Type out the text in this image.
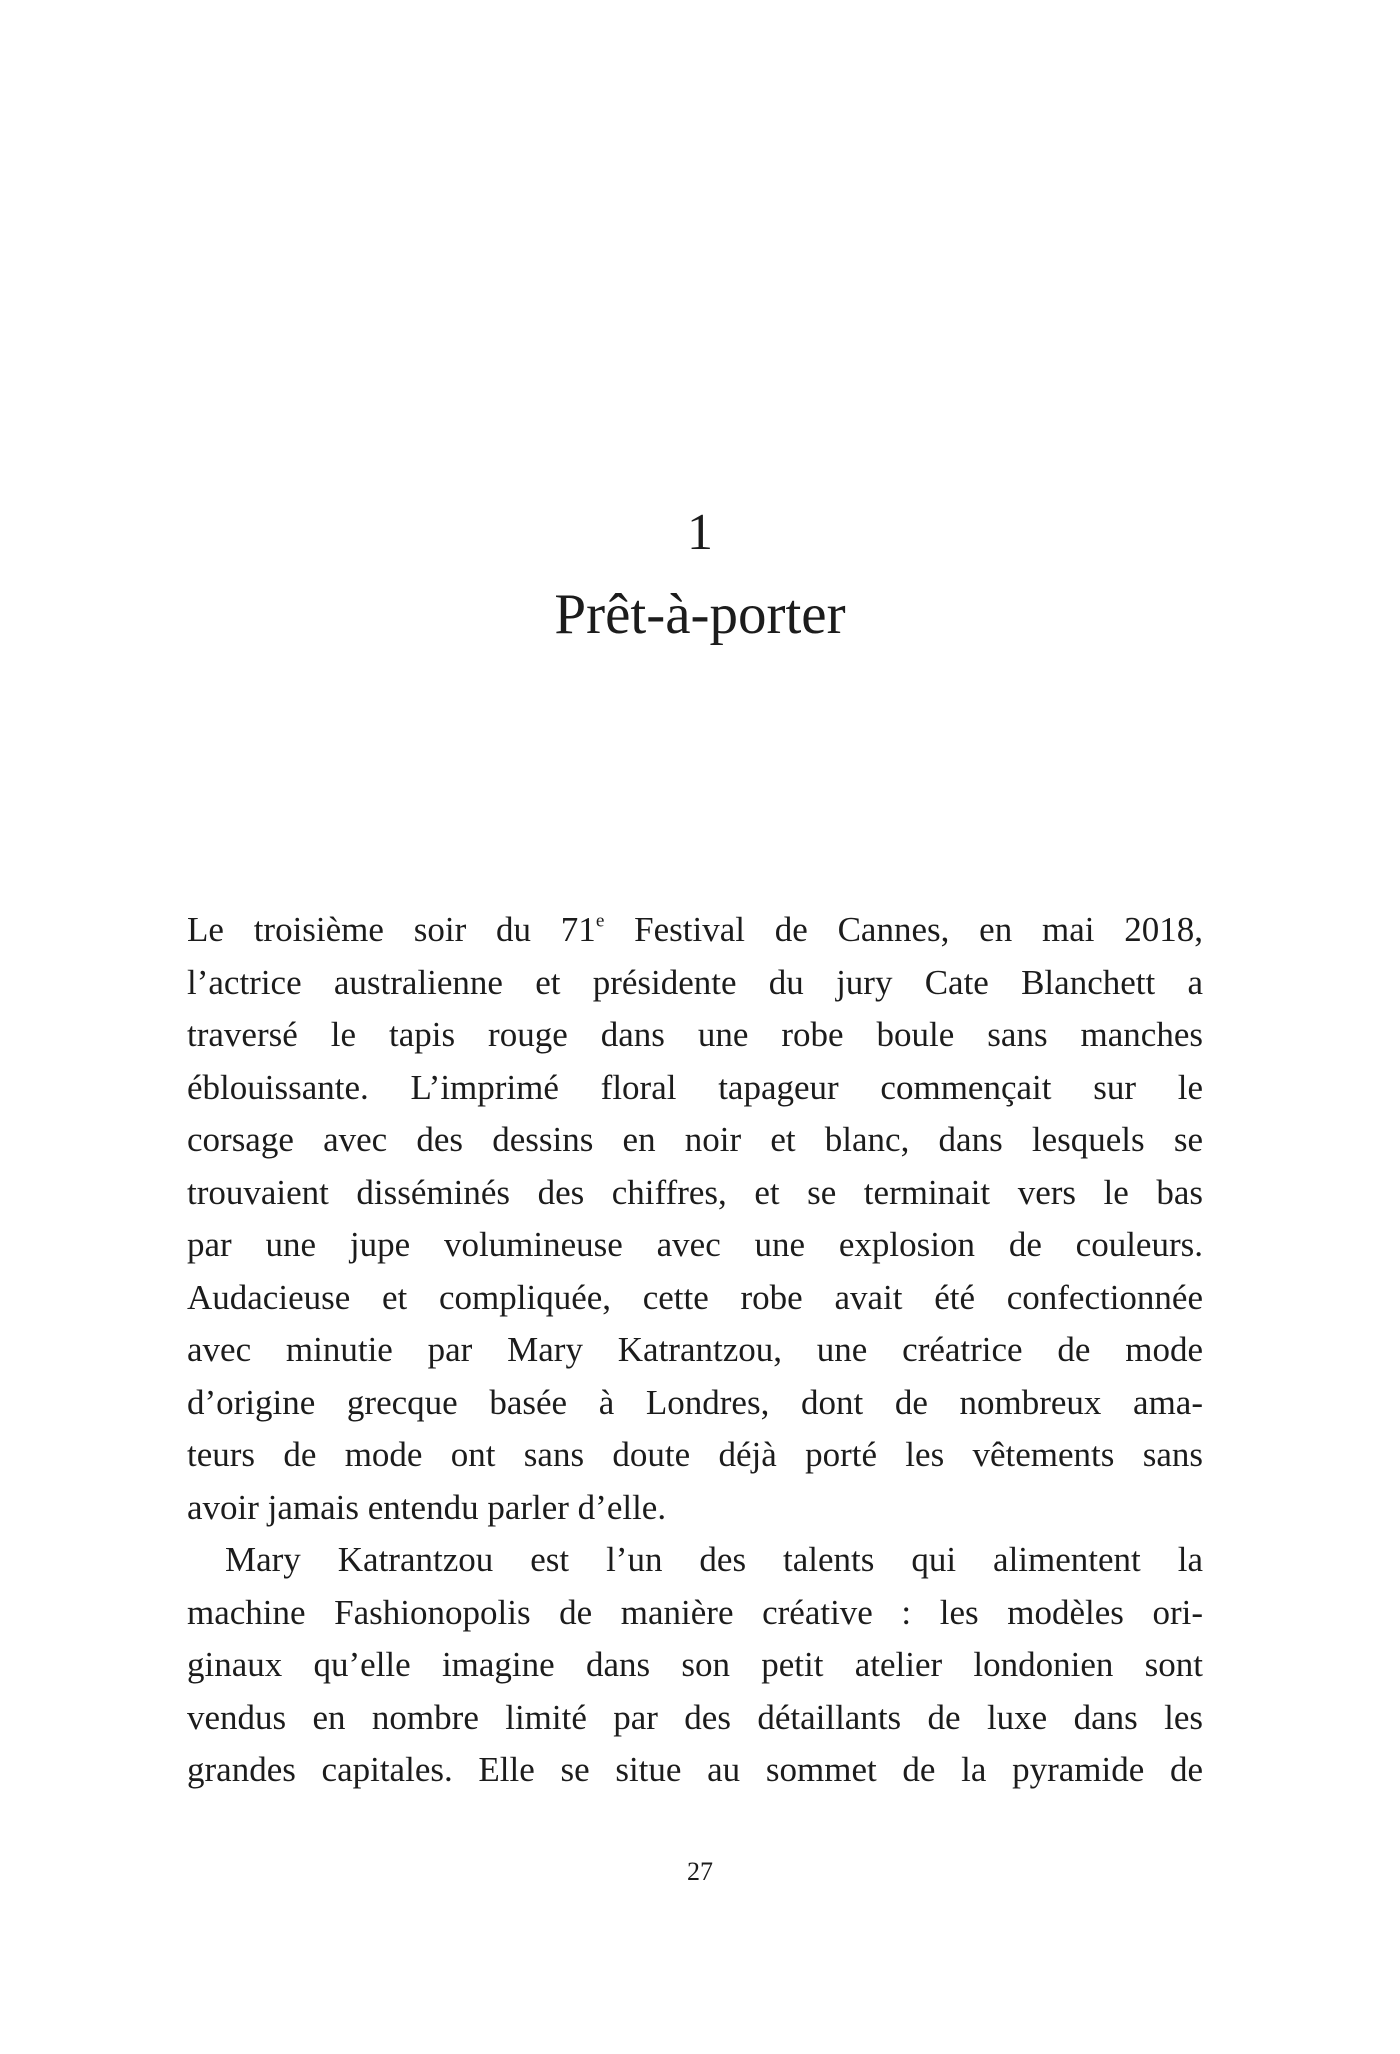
1
Prêt-à-porter
Le troisième soir du 71e Festival de Cannes, en mai 2018,
l’actrice australienne et présidente du jury Cate Blanchett a
traversé le tapis rouge dans une robe boule sans manches
éblouissante. L’imprimé floral tapageur commençait sur le
corsage avec des dessins en noir et blanc, dans lesquels se
trouvaient disséminés des chiffres, et se terminait vers le bas
par une jupe volumineuse avec une explosion de couleurs.
Audacieuse et compliquée, cette robe avait été confectionnée
avec minutie par Mary Katrantzou, une créatrice de mode
d’origine grecque basée à Londres, dont de nombreux ama-
teurs de mode ont sans doute déjà porté les vêtements sans
avoir jamais entendu parler d’elle.
Mary Katrantzou est l’un des talents qui alimentent la
machine Fashionopolis de manière créative : les modèles ori-
ginaux qu’elle imagine dans son petit atelier londonien sont
vendus en nombre limité par des détaillants de luxe dans les
grandes capitales. Elle se situe au sommet de la pyramide de
27
